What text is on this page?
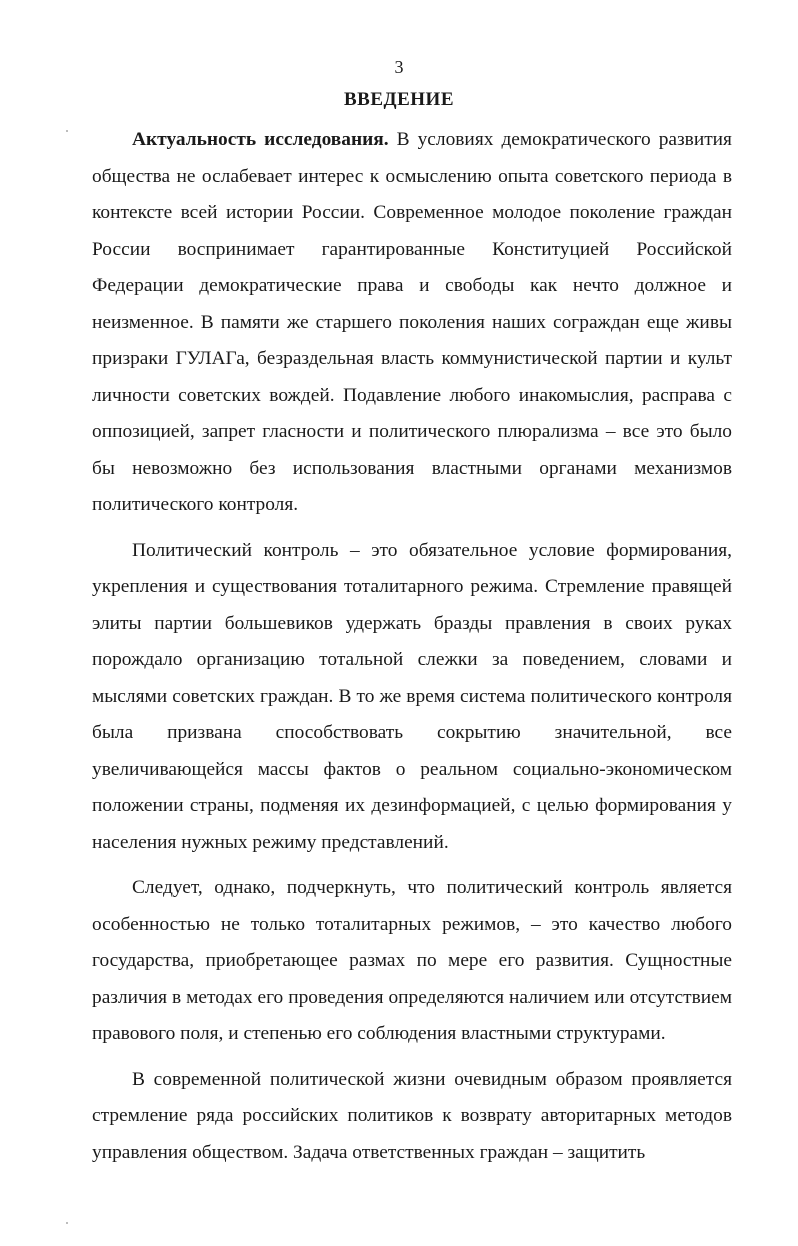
3
ВВЕДЕНИЕ

Актуальность исследования. В условиях демократического развития общества не ослабевает интерес к осмыслению опыта советского периода в контексте всей истории России. Современное молодое поколение граждан России воспринимает гарантированные Конституцией Российской Федерации демократические права и свободы как нечто должное и неизменное. В памяти же старшего поколения наших сограждан еще живы призраки ГУЛАГа, безраздельная власть коммунистической партии и культ личности советских вождей. Подавление любого инакомыслия, расправа с оппозицией, запрет гласности и политического плюрализма – все это было бы невозможно без использования властными органами механизмов политического контроля.

Политический контроль – это обязательное условие формирования, укрепления и существования тоталитарного режима. Стремление правящей элиты партии большевиков удержать бразды правления в своих руках порождало организацию тотальной слежки за поведением, словами и мыслями советских граждан. В то же время система политического контроля была призвана способствовать сокрытию значительной, все увеличивающейся массы фактов о реальном социально-экономическом положении страны, подменяя их дезинформацией, с целью формирования у населения нужных режиму представлений.

Следует, однако, подчеркнуть, что политический контроль является особенностью не только тоталитарных режимов, – это качество любого государства, приобретающее размах по мере его развития. Сущностные различия в методах его проведения определяются наличием или отсутствием правового поля, и степенью его соблюдения властными структурами.

В современной политической жизни очевидным образом проявляется стремление ряда российских политиков к возврату авторитарных методов управления обществом. Задача ответственных граждан – защитить
